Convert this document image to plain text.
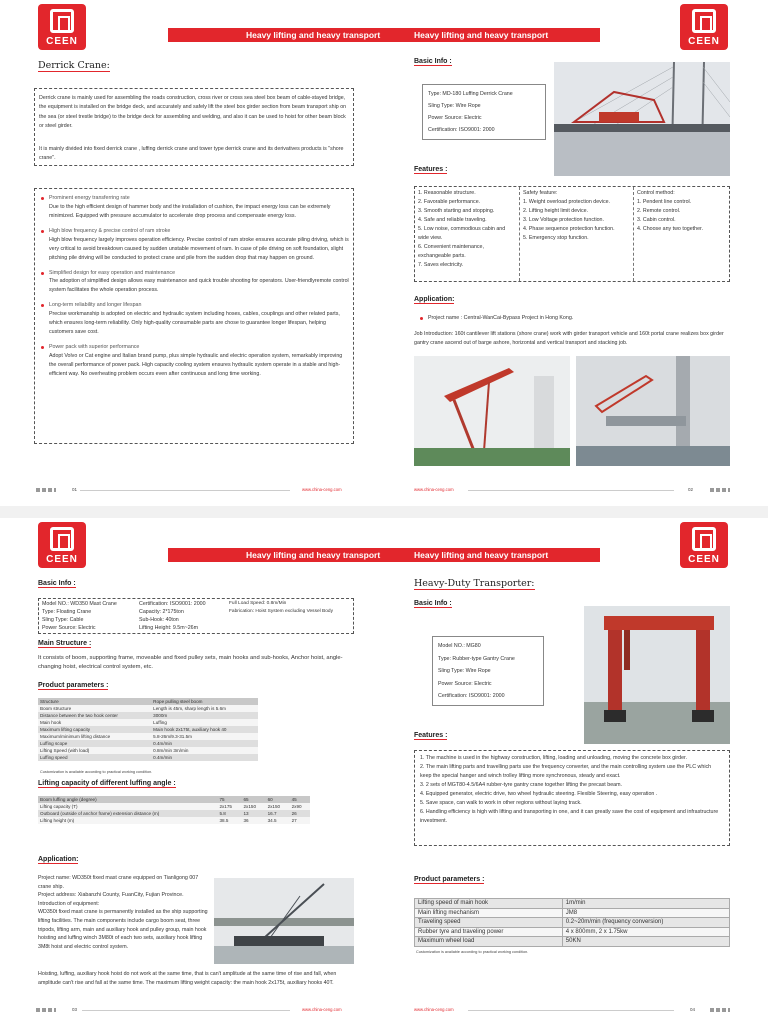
CEEN	CEEN
Heavy lifting and heavy transport	Heavy lifting and heavy transport
Derrick Crane:
Derrick crane is mainly used for assembling the roads construction, cross river or cross sea steel box beam of cable-stayed bridge, the equipment is installed on the bridge deck, and accurately and safely lift the steel box girder section from beam transport ship on the sea (or steel trestle bridge) to the bridge deck for assembling and welding, and also it can be used to hoist for other beam block or steel girder.
It is mainly divided into fixed derrick crane , luffing derrick crane and tower type derrick crane and its derivatives products is "shore crane".
Prominent energy transferring rate
Due to the high efficient design of hammer body and the installation of cushion, the impact energy loss can be extremely minimized. Equipped with pressure accumulator to accelerate drop process and compensate energy loss.
High blow frequency & precise control of ram stroke
High blow frequency largely improves operation efficiency. Precise control of ram stroke ensures accurate piling driving, which is very critical to avoid breakdown caused by sudden unstable movement of ram. In case of pile driving on soft foundation, slight pitching pile driving will be conducted to protect crane and pile from the sudden drop that may happen on ground.
Simplified design for easy operation and maintenance
The adoption of simplified design allows easy maintenance and quick trouble shooting for operators. User-friendlyremote control system facilitates the whole operation process.
Long-term reliability and longer lifespan
Precise workmanship is adopted on electric and hydraulic system including hoses, cables, couplings and other related parts, which ensures long-term reliability. Only high-quality consumable parts are chose to guarantee longer lifespan, helping customers save cost.
Power pack with superior performance
Adopt Volvo or Cat engine and Italian brand pump, plus simple hydraulic and electric operation system, remarkably improving the overall performance of power pack. High capacity cooling system ensures hydraulic system operate in a stable and high-efficient way. No overheating problem occurs even after continuous and long time working.
01	www.china-ceng.com
Basic Info :
Type: MD-180 Luffing Derrick Crane
Sling Type: Wire Rope
Power Source: Electric
Certification: ISO9001: 2000
Features :
1. Reasonable structure.
2. Favorable performance.
3. Smooth starting and stopping.
4. Safe and reliable traveling.
5. Low noise, commodious cabin and wide view.
6. Convenient maintenance, exchangeable parts.
7. Saves electricity.
Safety feature:
1. Weight overload protection device.
2. Lifting height limit device.
3. Low Voltage protection function.
4. Phase sequence protection function.
5. Emergency stop function.
Control method:
1. Pendent line control.
2. Remote control.
3. Cabin control.
4. Choose any two together.
Application:
Project name : Central-WanCai-Bypass Project in Hong Kong.
Job Introduction: 160t cantilever lift stations (shore crane) work with girder transport vehicle and 160t portal crane realizes box girder gantry crane ascend out of barge ashore, horizontal and vertical transport and stacking job.
www.china-ceng.com	02
CEEN	CEEN
Heavy lifting and heavy transport	Heavy lifting and heavy transport
Basic Info :
Model NO.: WD350 Mast Crane
Type: Floating Crane
Sling Type: Cable
Power Source: Electric
Certification: ISO9001: 2000
Capacity: 2*175ton
Sub-Hook: 40ton
Lifting Height: 9.5m~26m
Full Load Speed: 0.8m/Min
Fabrication: Hoist System excluding Vessel Body
Main Structure :
It consists of boom, supporting frame, moveable and fixed pulley sets, main hooks and sub-hooks, Anchor hoist, angle-changing hoist, electrical control system, etc.
Product parameters :
Structure	Rope pulling steel boom
Boom structure	Length is 45m, sharp length is 5.6m
Distance between the two hook center	3000m
Main hook	Luffing
Maximum lifting capacity	Main hook 2x175t, auxiliary hook 40
Maximum/minimum lifting distance	5.8-26m/9.3-31.5m
Luffing scope	0.4m/min
Lifting Speed (with load)	0.8m/min 3m/min
Luffing speed	0.4m/min
Customization is available according to practical working condition.
Lifting capacity of different luffing angle :
Boom luffing angle (degree)	75	65	60	45
Lifting capacity (T)	2x175	2x150	2x150	2x90
Outboard (outside of anchor frame) extension distance (m)	5.8	13	16.7	26
Lifting height (m)	38.5	36	34.5	27
Application:
Project name: WD350t fixed mast crane equipped on Tianligong 007 crane ship.
Project address: Xiabanzhi County, FuanCity, Fujian Province.
Introduction of equipment:
WD350t fixed mast crane is permanently installed as the ship supporting lifting facilities. The main components include cargo boom seat, three tripods, lifting arm, main and auxiliary hook and pulley group, main hook hoisting and luffing winch 3M80t of each two sets, auxiliary hook lifting 3M8t hoist and electric control system.
Hoisting, luffing, auxiliary hook hoist do not work at the same time, that is can't amplitude at the same time of rise and fall, when amplitude can't rise and fall at the same time. The maximum lifting weight capacity: the main hook 2x175t, auxiliary hooks 40T.
03	www.china-ceng.com
Heavy-Duty Transporter:
Basic Info :
Model NO.: MG80
Type: Rubber-type Gantry Crane
Sling Type: Wire Rope
Power Source: Electric
Certification: ISO9001: 2000
Features :
1. The machine is used in the highway construction, lifting, loading and unloading, moving the concrete box girder.
2. The main lifting parts and travelling parts use the frequency converter, and the main controlling system use the PLC which keep the special hanger and winch trolley lifting more synchronous, steady and exact.
3. 2 sets of MGT80-4.5/6A4 rubber-tyre gantry crane together lifting the precast beam.
4. Equipped generator, electric drive, two wheel hydraulic steering. Flexible Steering, easy operation .
5. Save space, can walk to work in other regions without laying track.
6. Handling efficiency is high with lifting and transporting in one, and it can greatly save the cost of equipment and infrastructure investment.
Product parameters :
Lifting speed of main hook	1m/min
Main lifting mechanism	JM8
Traveling speed	0.2~20m/min (frequency conversion)
Rubber tyre and traveling power	4 x 800mm, 2 x 1.75kw
Maximum wheel load	50KN
Customization is available according to practical working condition.
www.china-ceng.com	04
